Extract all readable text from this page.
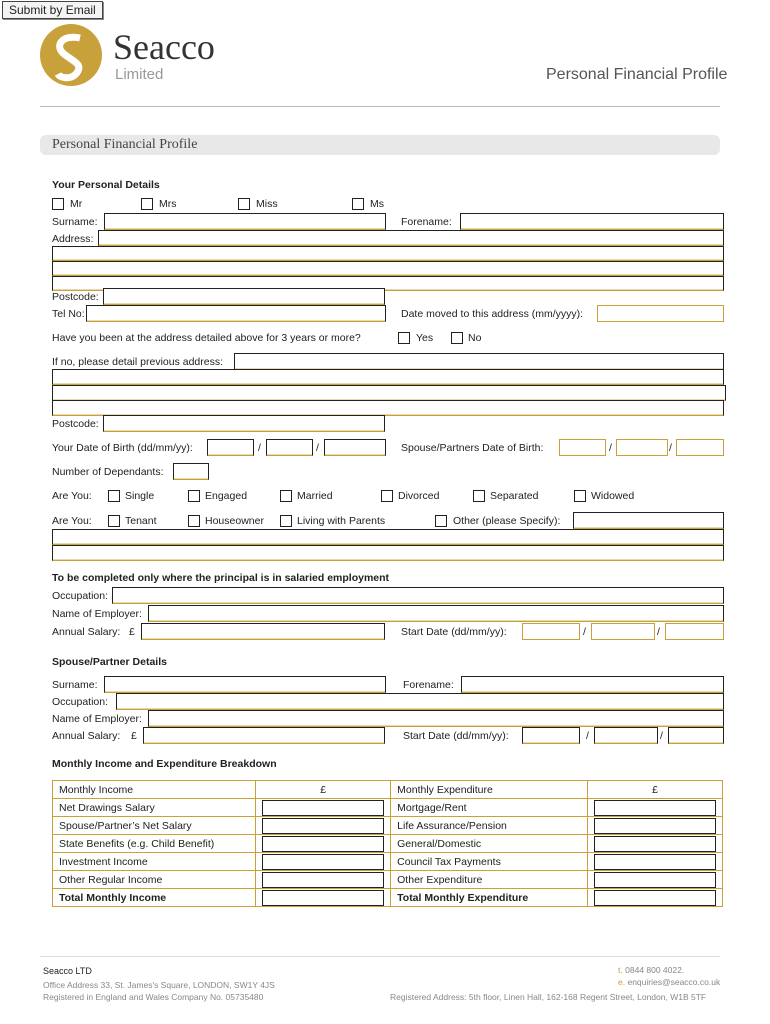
Submit by Email
Seacco
Limited	Personal Financial Profile
Personal Financial Profile
Your Personal Details
Mr	Mrs	Miss	Ms
Surname:	Forename:
Address:
Postcode:
Tel No:	Date moved to this address (mm/yyyy):
Have you been at the address detailed above for 3 years or more?	Yes	No
If no, please detail previous address:
Postcode:
Your Date of Birth (dd/mm/yy):	/	/	Spouse/Partners Date of Birth:	/	/
Number of Dependants:
Are You:	Single	Engaged	Married	Divorced	Separated	Widowed
Are You:	Tenant	Houseowner	Living with Parents	Other (please Specify):
To be completed only where the principal is in salaried employment
Occupation:
Name of Employer:
Annual Salary: £	Start Date (dd/mm/yy):	/	/
Spouse/Partner Details
Surname:	Forename:
Occupation:
Name of Employer:
Annual Salary: £	Start Date (dd/mm/yy):	/	/
Monthly Income and Expenditure Breakdown
Monthly Income	£	Monthly Expenditure	£
Net Drawings Salary		Mortgage/Rent	

Spouse/Partner’s Net Salary		Life Assurance/Pension	

State Benefits (e.g. Child Benefit)		General/Domestic	

Investment Income		Council Tax Payments	

Other Regular Income		Other Expenditure	

Total Monthly Income		Total Monthly Expenditure	
Seacco LTD
Office Address 33, St. James's Square, LONDON, SW1Y 4JS
Registered in England and Wales Company No. 05735480
t. 0844 800 4022.
e. enquiries@seacco.co.uk
Registered Address: 5th floor, Linen Hall, 162-168 Regent Street, London, W1B 5TF
